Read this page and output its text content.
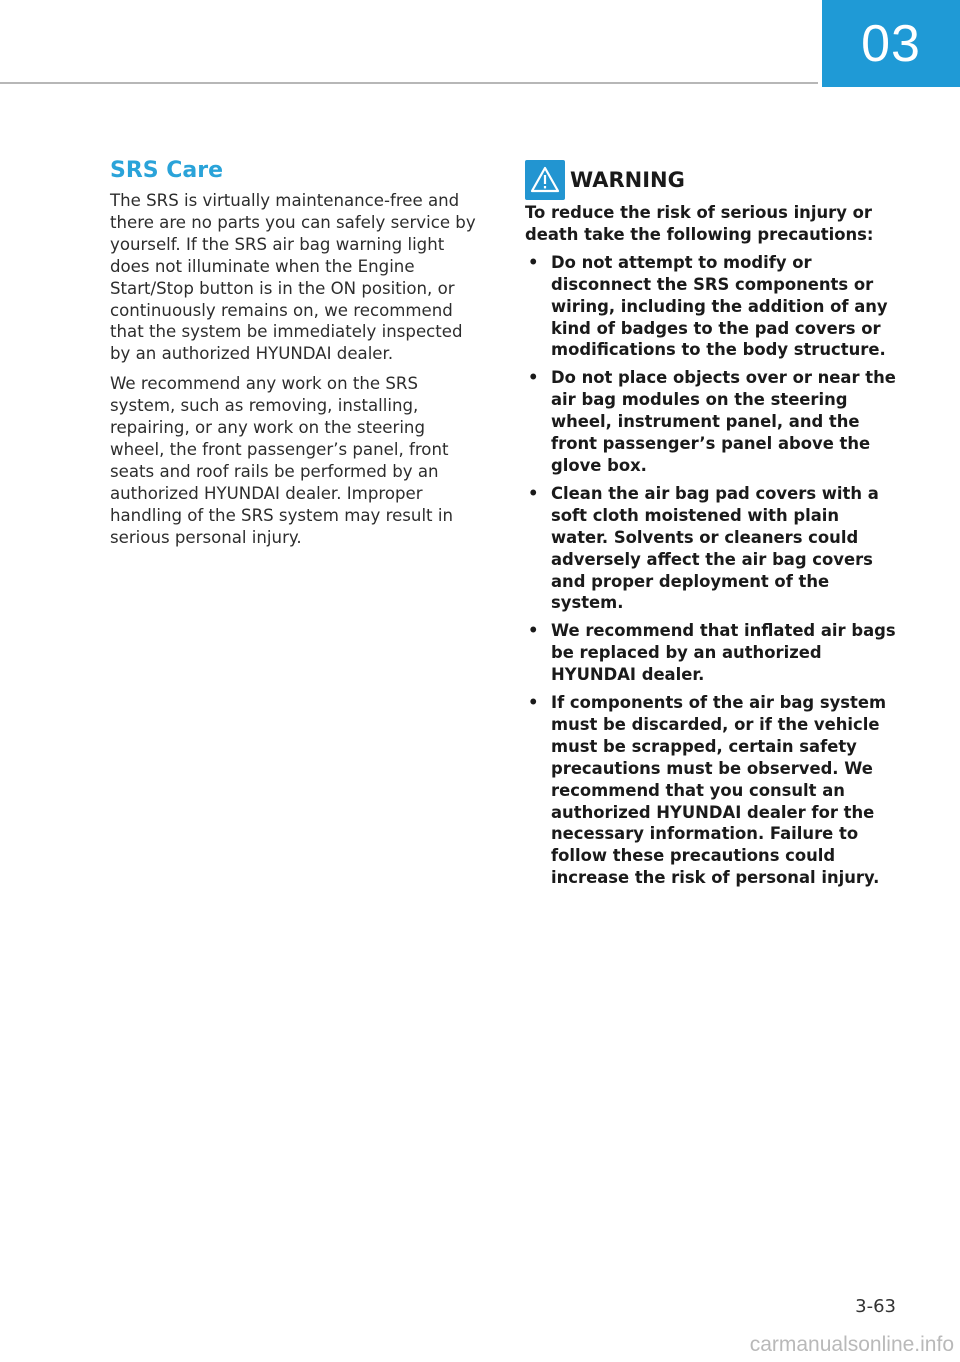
03
SRS Care

The SRS is virtually maintenance-free and there are no parts you can safely service by yourself. If the SRS air bag warning light does not illuminate when the Engine Start/Stop button is in the ON position, or continuously remains on, we recommend that the system be immediately inspected by an authorized HYUNDAI dealer.

We recommend any work on the SRS system, such as removing, installing, repairing, or any work on the steering wheel, the front passenger’s panel, front seats and roof rails be performed by an authorized HYUNDAI dealer. Improper handling of the SRS system may result in serious personal injury.

WARNING

To reduce the risk of serious injury or death take the following precautions:

• Do not attempt to modify or disconnect the SRS components or wiring, including the addition of any kind of badges to the pad covers or modifications to the body structure.
• Do not place objects over or near the air bag modules on the steering wheel, instrument panel, and the front passenger’s panel above the glove box.
• Clean the air bag pad covers with a soft cloth moistened with plain water. Solvents or cleaners could adversely affect the air bag covers and proper deployment of the system.
• We recommend that inflated air bags be replaced by an authorized HYUNDAI dealer.
• If components of the air bag system must be discarded, or if the vehicle must be scrapped, certain safety precautions must be observed. We recommend that you consult an authorized HYUNDAI dealer for the necessary information. Failure to follow these precautions could increase the risk of personal injury.
3-63
carmanualsonline.info
